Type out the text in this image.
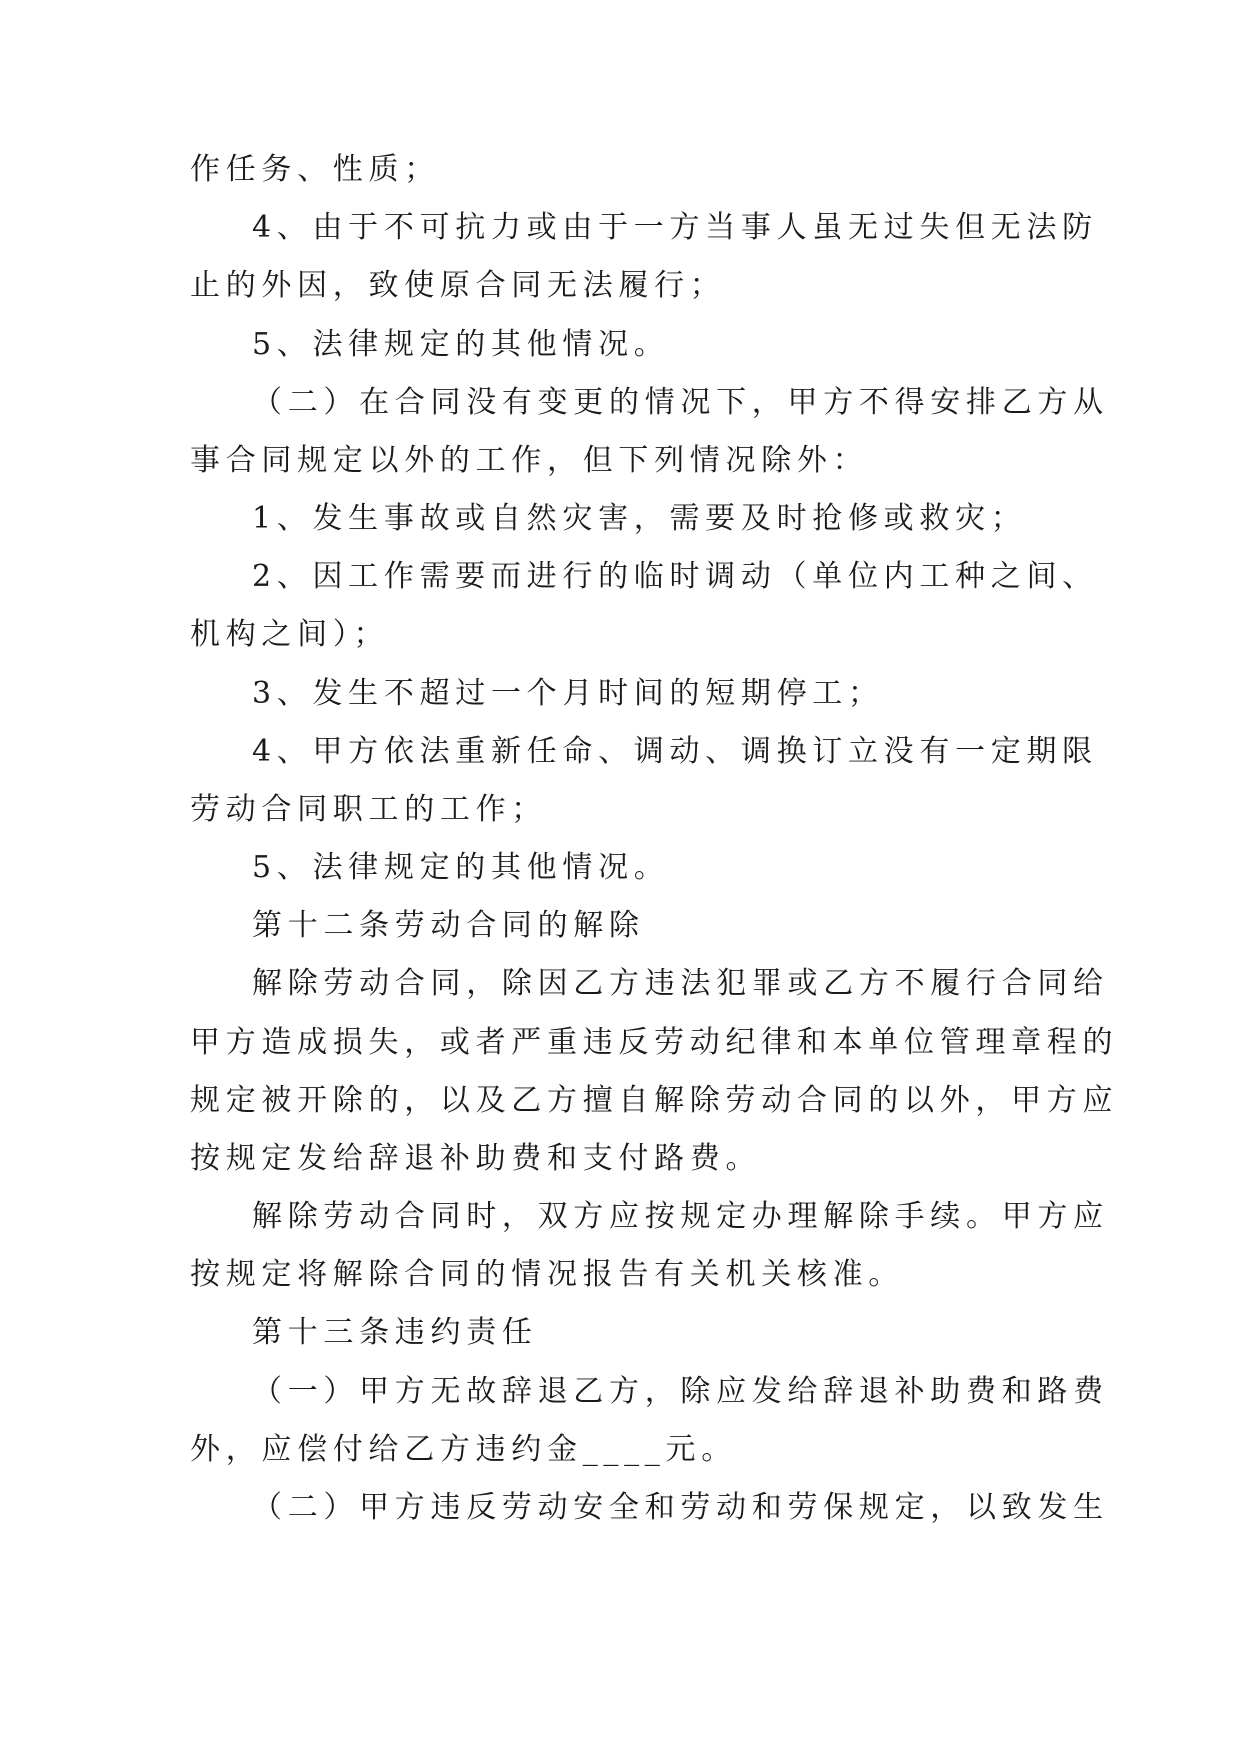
作任务、性质；
4、由于不可抗力或由于一方当事人虽无过失但无法防
止的外因，致使原合同无法履行；
5、法律规定的其他情况。
（二）在合同没有变更的情况下，甲方不得安排乙方从
事合同规定以外的工作，但下列情况除外：
1、发生事故或自然灾害，需要及时抢修或救灾；
2、因工作需要而进行的临时调动（单位内工种之间、
机构之间）；
3、发生不超过一个月时间的短期停工；
4、甲方依法重新任命、调动、调换订立没有一定期限
劳动合同职工的工作；
5、法律规定的其他情况。
第十二条劳动合同的解除
解除劳动合同，除因乙方违法犯罪或乙方不履行合同给
甲方造成损失，或者严重违反劳动纪律和本单位管理章程的
规定被开除的，以及乙方擅自解除劳动合同的以外，甲方应
按规定发给辞退补助费和支付路费。
解除劳动合同时，双方应按规定办理解除手续。甲方应
按规定将解除合同的情况报告有关机关核准。
第十三条违约责任
（一）甲方无故辞退乙方，除应发给辞退补助费和路费
外，应偿付给乙方违约金____元。
（二）甲方违反劳动安全和劳动和劳保规定，以致发生
